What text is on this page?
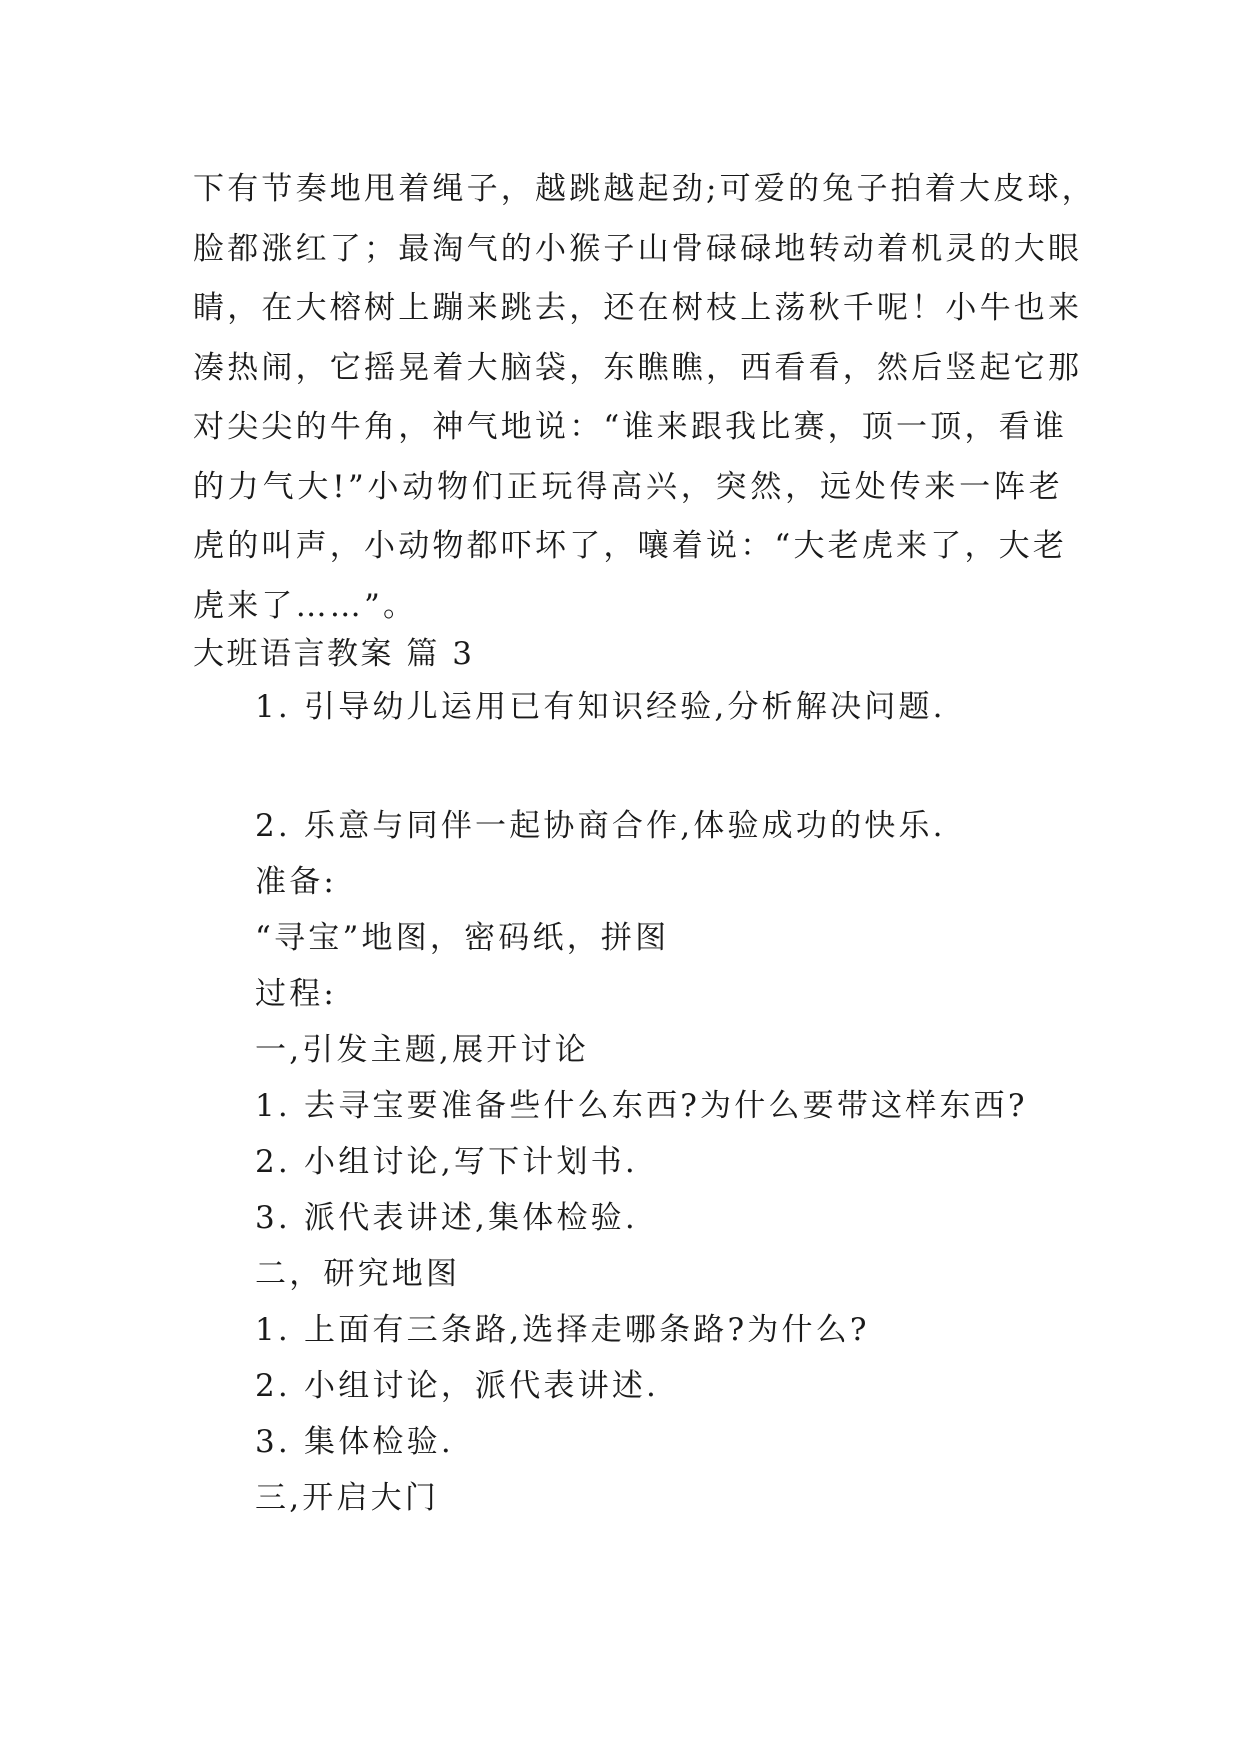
下有节奏地甩着绳子，越跳越起劲;可爱的兔子拍着大皮球，
脸都涨红了；最淘气的小猴子山骨碌碌地转动着机灵的大眼
睛，在大榕树上蹦来跳去，还在树枝上荡秋千呢！小牛也来
凑热闹，它摇晃着大脑袋，东瞧瞧，西看看，然后竖起它那
对尖尖的牛角，神气地说：“谁来跟我比赛，顶一顶，看谁
的力气大!”小动物们正玩得高兴，突然，远处传来一阵老
虎的叫声，小动物都吓坏了，嚷着说：“大老虎来了，大老
虎来了……”。
大班语言教案 篇 3
1. 引导幼儿运用已有知识经验,分析解决问题.
2. 乐意与同伴一起协商合作,体验成功的快乐.
准备:
“寻宝”地图，密码纸，拼图
过程:
一,引发主题,展开讨论
1. 去寻宝要准备些什么东西?为什么要带这样东西?
2. 小组讨论,写下计划书.
3. 派代表讲述,集体检验.
二，研究地图
1. 上面有三条路,选择走哪条路?为什么?
2. 小组讨论，派代表讲述.
3. 集体检验.
三,开启大门
